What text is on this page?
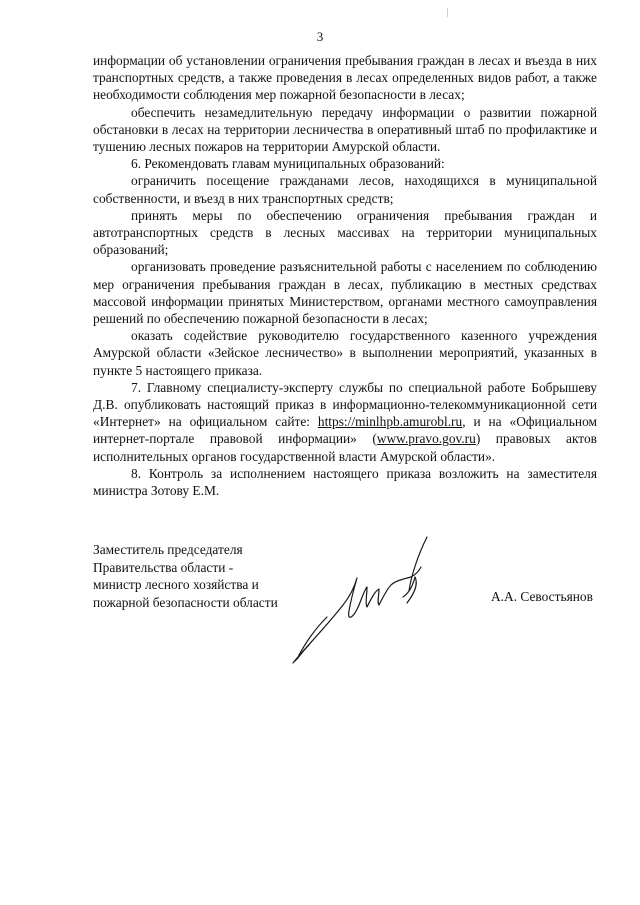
3

информации об установлении ограничения пребывания граждан в лесах и въезда в них транспортных средств, а также проведения в лесах определенных видов работ, а также необходимости соблюдения мер пожарной безопасности в лесах;

обеспечить незамедлительную передачу информации о развитии пожарной обстановки в лесах на территории лесничества в оперативный штаб по профилактике и тушению лесных пожаров на территории Амурской области.

6. Рекомендовать главам муниципальных образований:

ограничить посещение гражданами лесов, находящихся в муниципальной собственности, и въезд в них транспортных средств;

принять меры по обеспечению ограничения пребывания граждан и автотранспортных средств в лесных массивах на территории муниципальных образований;

организовать проведение разъяснительной работы с населением по соблюдению мер ограничения пребывания граждан в лесах, публикацию в местных средствах массовой информации принятых Министерством, органами местного самоуправления решений по обеспечению пожарной безопасности в лесах;

оказать содействие руководителю государственного казенного учреждения Амурской области «Зейское лесничество» в выполнении мероприятий, указанных в пункте 5 настоящего приказа.

7. Главному специалисту-эксперту службы по специальной работе Бобрышеву Д.В. опубликовать настоящий приказ в информационно-телекоммуникационной сети «Интернет» на официальном сайте: https://minlhpb.amurobl.ru, и на «Официальном интернет-портале правовой информации» (www.pravo.gov.ru) правовых актов исполнительных органов государственной власти Амурской области».

8. Контроль за исполнением настоящего приказа возложить на заместителя министра Зотову Е.М.

Заместитель председателя
Правительства области -
министр лесного хозяйства и
пожарной безопасности области	А.А. Севостьянов
